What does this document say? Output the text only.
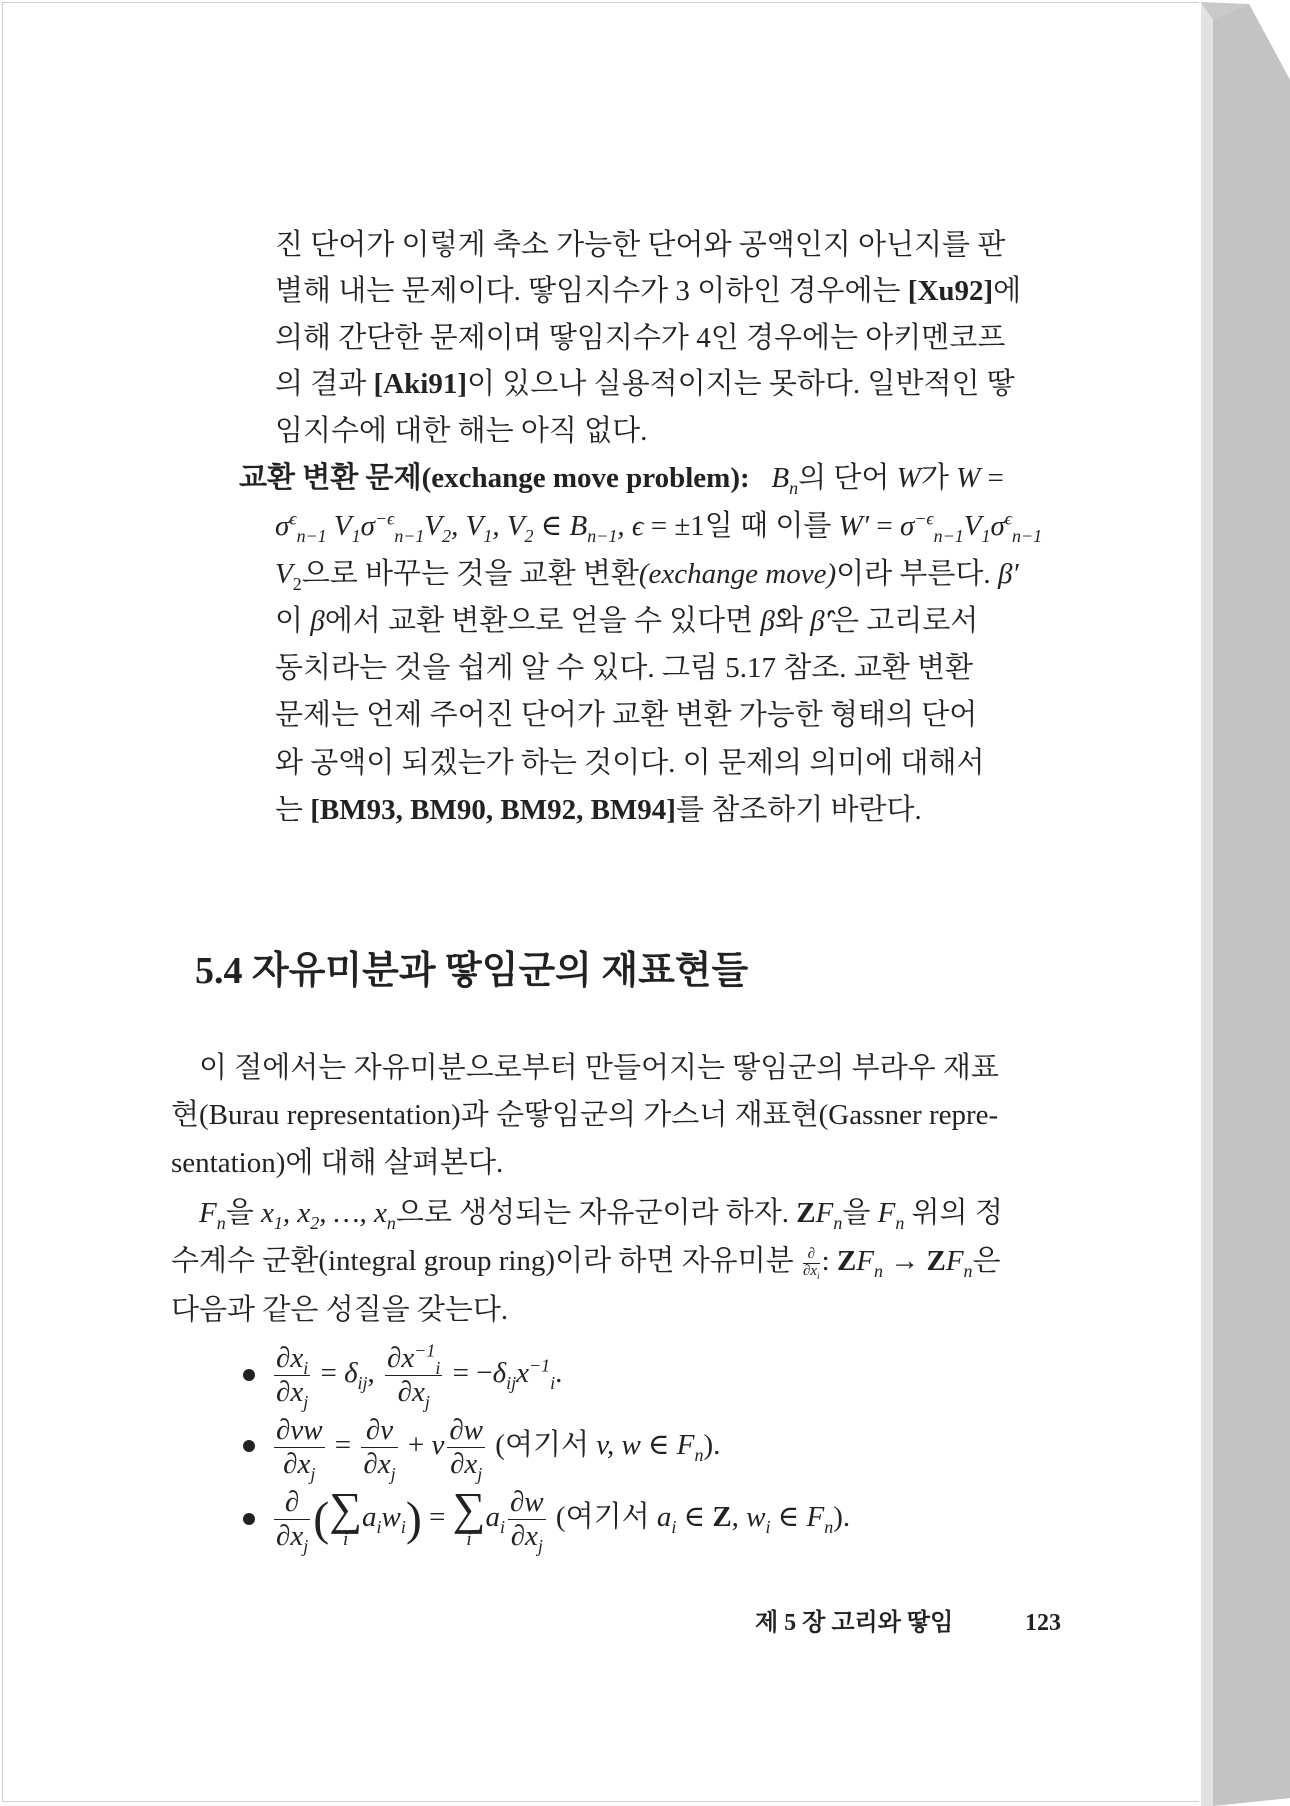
진 단어가 이렇게 축소 가능한 단어와 공액인지 아닌지를 판
별해 내는 문제이다. 땋임지수가 3 이하인 경우에는 [Xu92]에
의해 간단한 문제이며 땋임지수가 4인 경우에는 아키멘코프
의 결과 [Aki91]이 있으나 실용적이지는 못하다. 일반적인 땋
임지수에 대한 해는 아직 없다.
교환 변환 문제(exchange move problem): $B_n$의 단어 W가 W =
$\sigma^\epsilon_{n-1}$ $V_1\sigma^{-\epsilon}_{n-1}V_2$, $V_1$, $V_2$ ∈ $B_{n-1}$, ϵ = ±1일 때 이를 $W' = \sigma^{-\epsilon}_{n-1}V_1\sigma^\epsilon_{n-1}$
$V_2$으로 바꾸는 것을 교환 변환(exchange move)이라 부른다. β′
이 β에서 교환 변환으로 얻을 수 있다면 β̂와 β̂′은 고리로서
동치라는 것을 쉽게 알 수 있다. 그림 5.17 참조. 교환 변환
문제는 언제 주어진 단어가 교환 변환 가능한 형태의 단어
와 공액이 되겠는가 하는 것이다. 이 문제의 의미에 대해서
는 [BM93, BM90, BM92, BM94]를 참조하기 바란다.
5.4 자유미분과 땋임군의 재표현들
이 절에서는 자유미분으로부터 만들어지는 땋임군의 부라우 재표
현(Burau representation)과 순땋임군의 가스너 재표현(Gassner repre-
sentation)에 대해 살펴본다.
$F_n$을 $x_1$, $x_2$, …, $x_n$으로 생성되는 자유군이라 하자. $ZF_n$을 $F_n$ 위의 정
수계수 군환(integral group ring)이라 하면 자유미분 ∂
$\partial x_i$ : $ZF_n \to ZF_n$은
다음과 같은 성질을 갖는다.
$\frac{\partial x_i}{\partial x_j} = \delta_{ij}$, $\frac{\partial x^{-1}_i}{\partial x_j} = -\delta_{ij}x^{-1}_i$.
$\frac{\partial vw}{\partial x_j} = \frac{\partial v}{\partial x_j} + v \frac{\partial w}{\partial x_j}$ (여기서 v, w ∈ $F_n$).
$\frac{\partial}{\partial x_j}$ ( ∑
i
$a_iw_i$) = ∑
i
$a_i \frac{\partial w}{\partial x_j}$ (여기서 $a_i$ ∈ Z, $w_i$ ∈ $F_n$).
제 5 장 고리와 땋임	123
